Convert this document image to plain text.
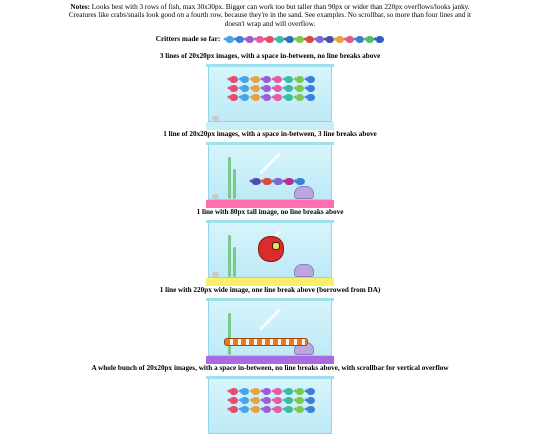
Notes: Looks best with 3 rows of fish, max 30x30px. Bigger can work too but taller than 90px or wider than 220px overflows/looks janky. Creatures like crabs/snails look good on a fourth row, because they're in the sand. See examples. No scrollbar, so more than four lines and it doesn't wrap and will overflow.
Critters made so far:
3 lines of 20x20px images, with a space in-between, no line breaks above
1 line of 20x20px images, with a space in-between, 3 line breaks above
1 line with 80px tall image, no line breaks above
1 line with 220px wide image, one line break above (borrowed from DA)
A whole bunch of 20x20px images, with a space in-between, no line breaks above, with scrollbar for vertical overflow
